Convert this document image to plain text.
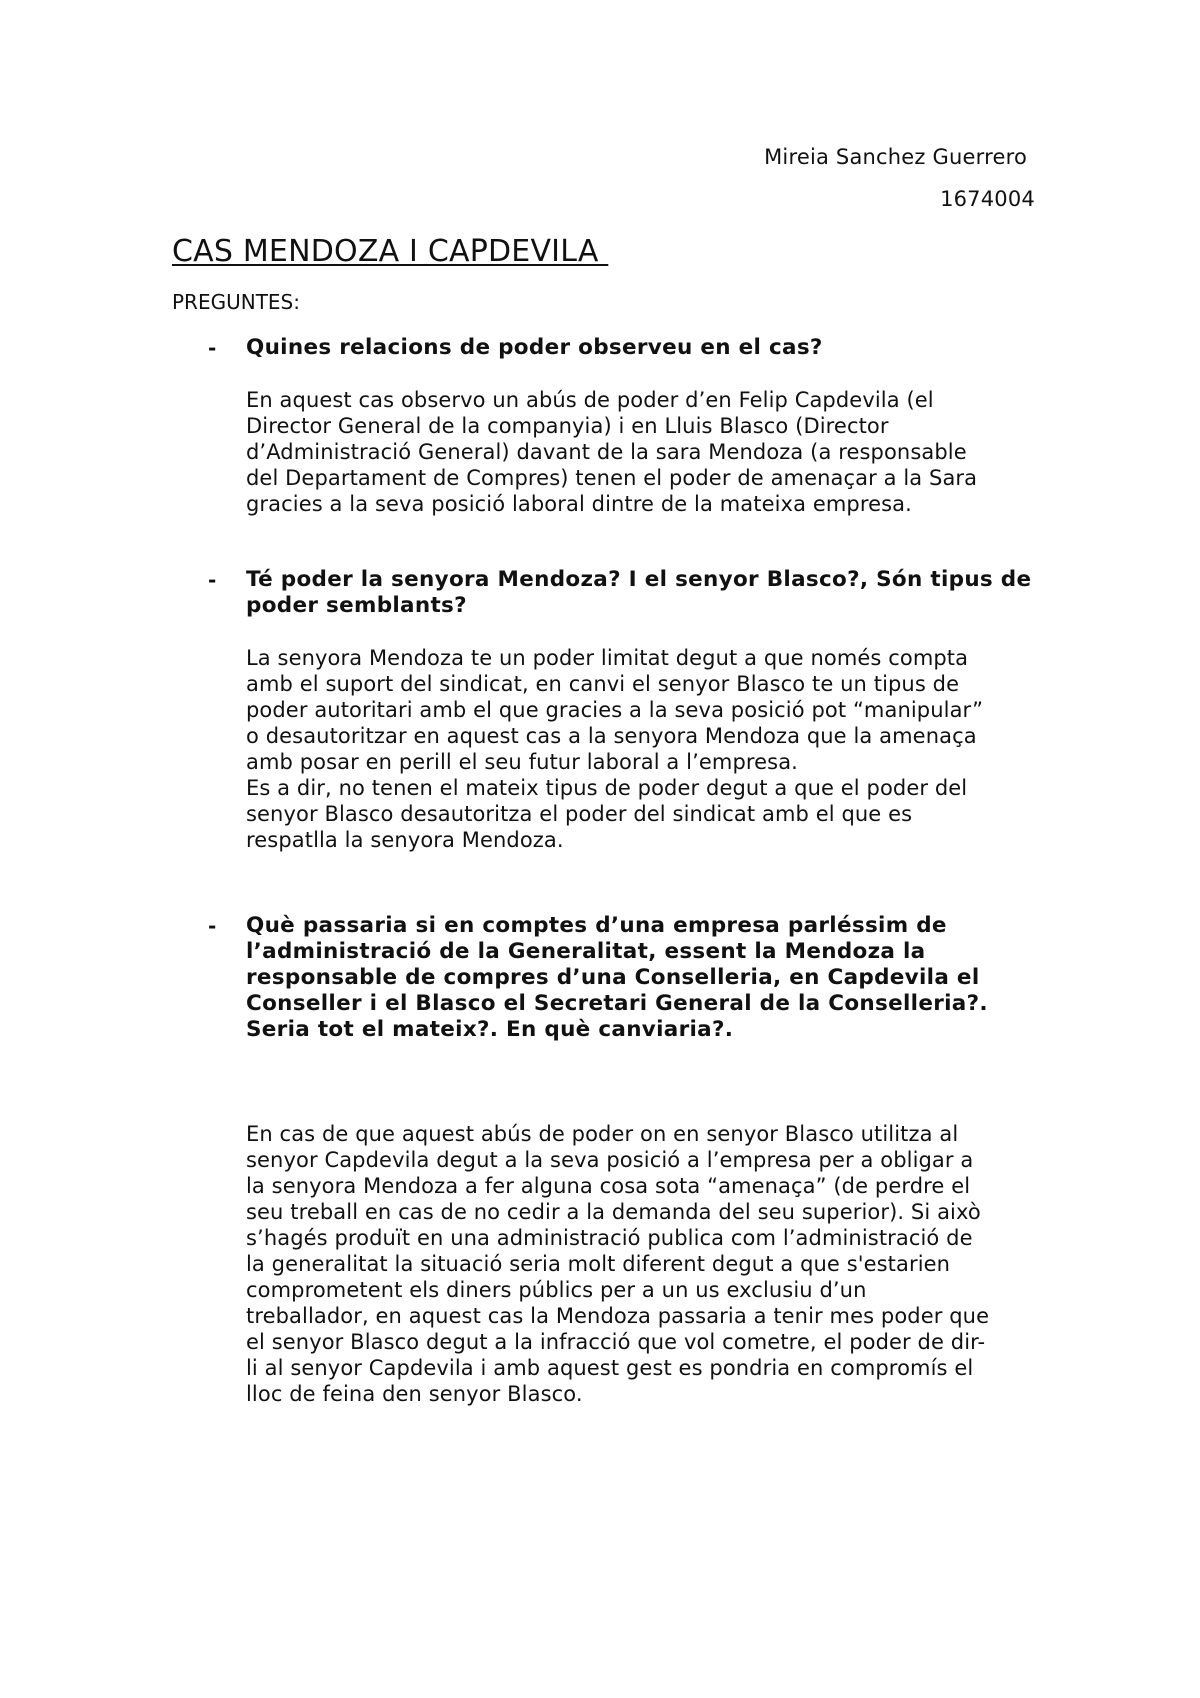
Mireia Sanchez Guerrero
1674004
CAS MENDOZA I CAPDEVILA
PREGUNTES:
- Quines relacions de poder observeu en el cas?
En aquest cas observo un abús de poder d’en Felip Capdevila (el
Director General de la companyia) i en Lluis Blasco (Director
d’Administració General) davant de la sara Mendoza (a responsable
del Departament de Compres) tenen el poder de amenaçar a la Sara
gracies a la seva posició laboral dintre de la mateixa empresa.
- Té poder la senyora Mendoza? I el senyor Blasco?, Són tipus de poder semblants?
La senyora Mendoza te un poder limitat degut a que només compta
amb el suport del sindicat, en canvi el senyor Blasco te un tipus de
poder autoritari amb el que gracies a la seva posició pot “manipular”
o desautoritzar en aquest cas a la senyora Mendoza que la amenaça
amb posar en perill el seu futur laboral a l’empresa.
Es a dir, no tenen el mateix tipus de poder degut a que el poder del
senyor Blasco desautoritza el poder del sindicat amb el que es
respatlla la senyora Mendoza.
- Què passaria si en comptes d’una empresa parléssim de l’administració de la Generalitat, essent la Mendoza la responsable de compres d’una Conselleria, en Capdevila el Conseller i el Blasco el Secretari General de la Conselleria?. Seria tot el mateix?. En què canviaria?.
En cas de que aquest abús de poder on en senyor Blasco utilitza al
senyor Capdevila degut a la seva posició a l’empresa per a obligar a
la senyora Mendoza a fer alguna cosa sota “amenaça” (de perdre el
seu treball en cas de no cedir a la demanda del seu superior). Si això
s’hagés produït en una administració publica com l’administració de
la generalitat la situació seria molt diferent degut a que s'estarien
comprometent els diners públics per a un us exclusiu d’un
treballador, en aquest cas la Mendoza passaria a tenir mes poder que
el senyor Blasco degut a la infracció que vol cometre, el poder de dir-
li al senyor Capdevila i amb aquest gest es pondria en compromís el
lloc de feina den senyor Blasco.
